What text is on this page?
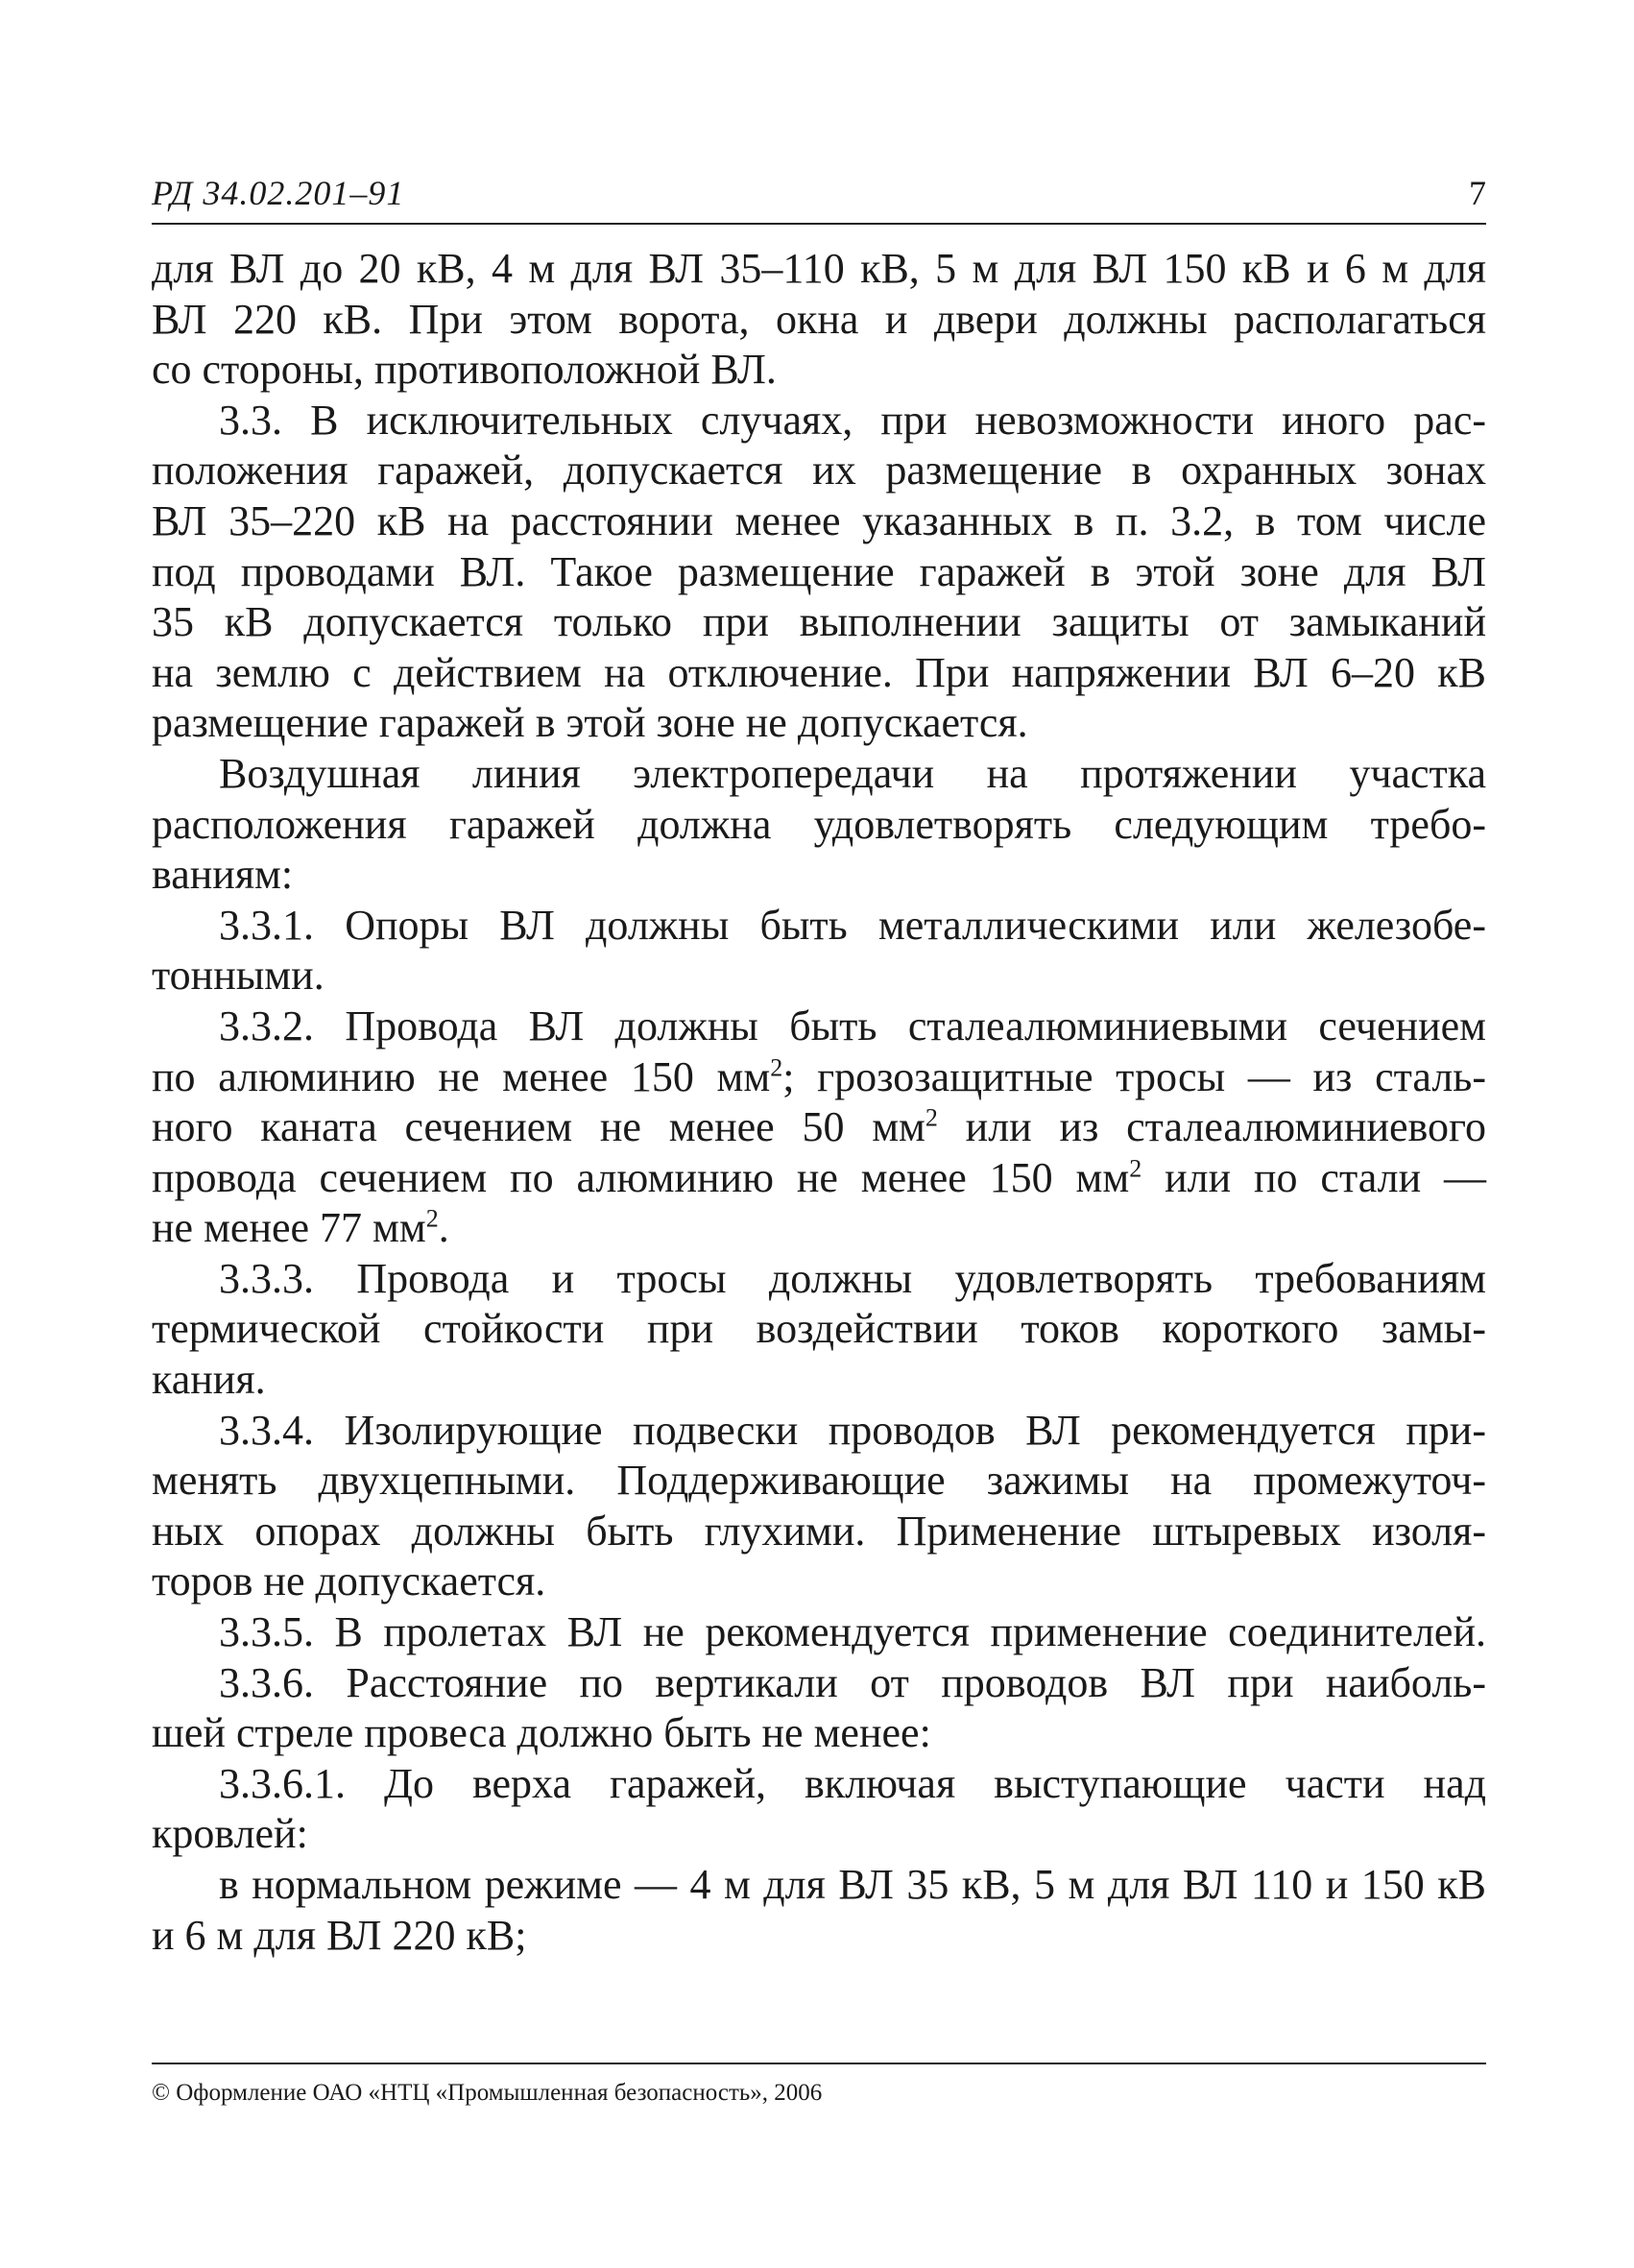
РД 34.02.201–91	7
для ВЛ до 20 кВ, 4 м для ВЛ 35–110 кВ, 5 м для ВЛ 150 кВ и 6 м для
ВЛ 220 кВ. При этом ворота, окна и двери должны располагаться
со стороны, противоположной ВЛ.
3.3. В исключительных случаях, при невозможности иного рас-
положения гаражей, допускается их размещение в охранных зонах
ВЛ 35–220 кВ на расстоянии менее указанных в п. 3.2, в том числе
под проводами ВЛ. Такое размещение гаражей в этой зоне для ВЛ
35 кВ допускается только при выполнении защиты от замыканий
на землю с действием на отключение. При напряжении ВЛ 6–20 кВ
размещение гаражей в этой зоне не допускается.
Воздушная линия электропередачи на протяжении участка
расположения гаражей должна удовлетворять следующим требо-
ваниям:
3.3.1. Опоры ВЛ должны быть металлическими или железобе-
тонными.
3.3.2. Провода ВЛ должны быть сталеалюминиевыми сечением
по алюминию не менее 150 $мм^2$; грозозащитные тросы — из сталь-
ного каната сечением не менее 50 $мм^2$ или из сталеалюминиевого
провода сечением по алюминию не менее 150 $мм^2$ или по стали —
не менее 77 $мм^2$.
3.3.3. Провода и тросы должны удовлетворять требованиям
термической стойкости при воздействии токов короткого замы-
кания.
3.3.4. Изолирующие подвески проводов ВЛ рекомендуется при-
менять двухцепными. Поддерживающие зажимы на промежуточ-
ных опорах должны быть глухими. Применение штыревых изоля-
торов не допускается.
3.3.5. В пролетах ВЛ не рекомендуется применение соединителей.
3.3.6. Расстояние по вертикали от проводов ВЛ при наиболь-
шей стреле провеса должно быть не менее:
3.3.6.1. До верха гаражей, включая выступающие части над
кровлей:
в нормальном режиме — 4 м для ВЛ 35 кВ, 5 м для ВЛ 110 и 150 кВ
и 6 м для ВЛ 220 кВ;
© Оформление ОАО «НТЦ «Промышленная безопасность», 2006
